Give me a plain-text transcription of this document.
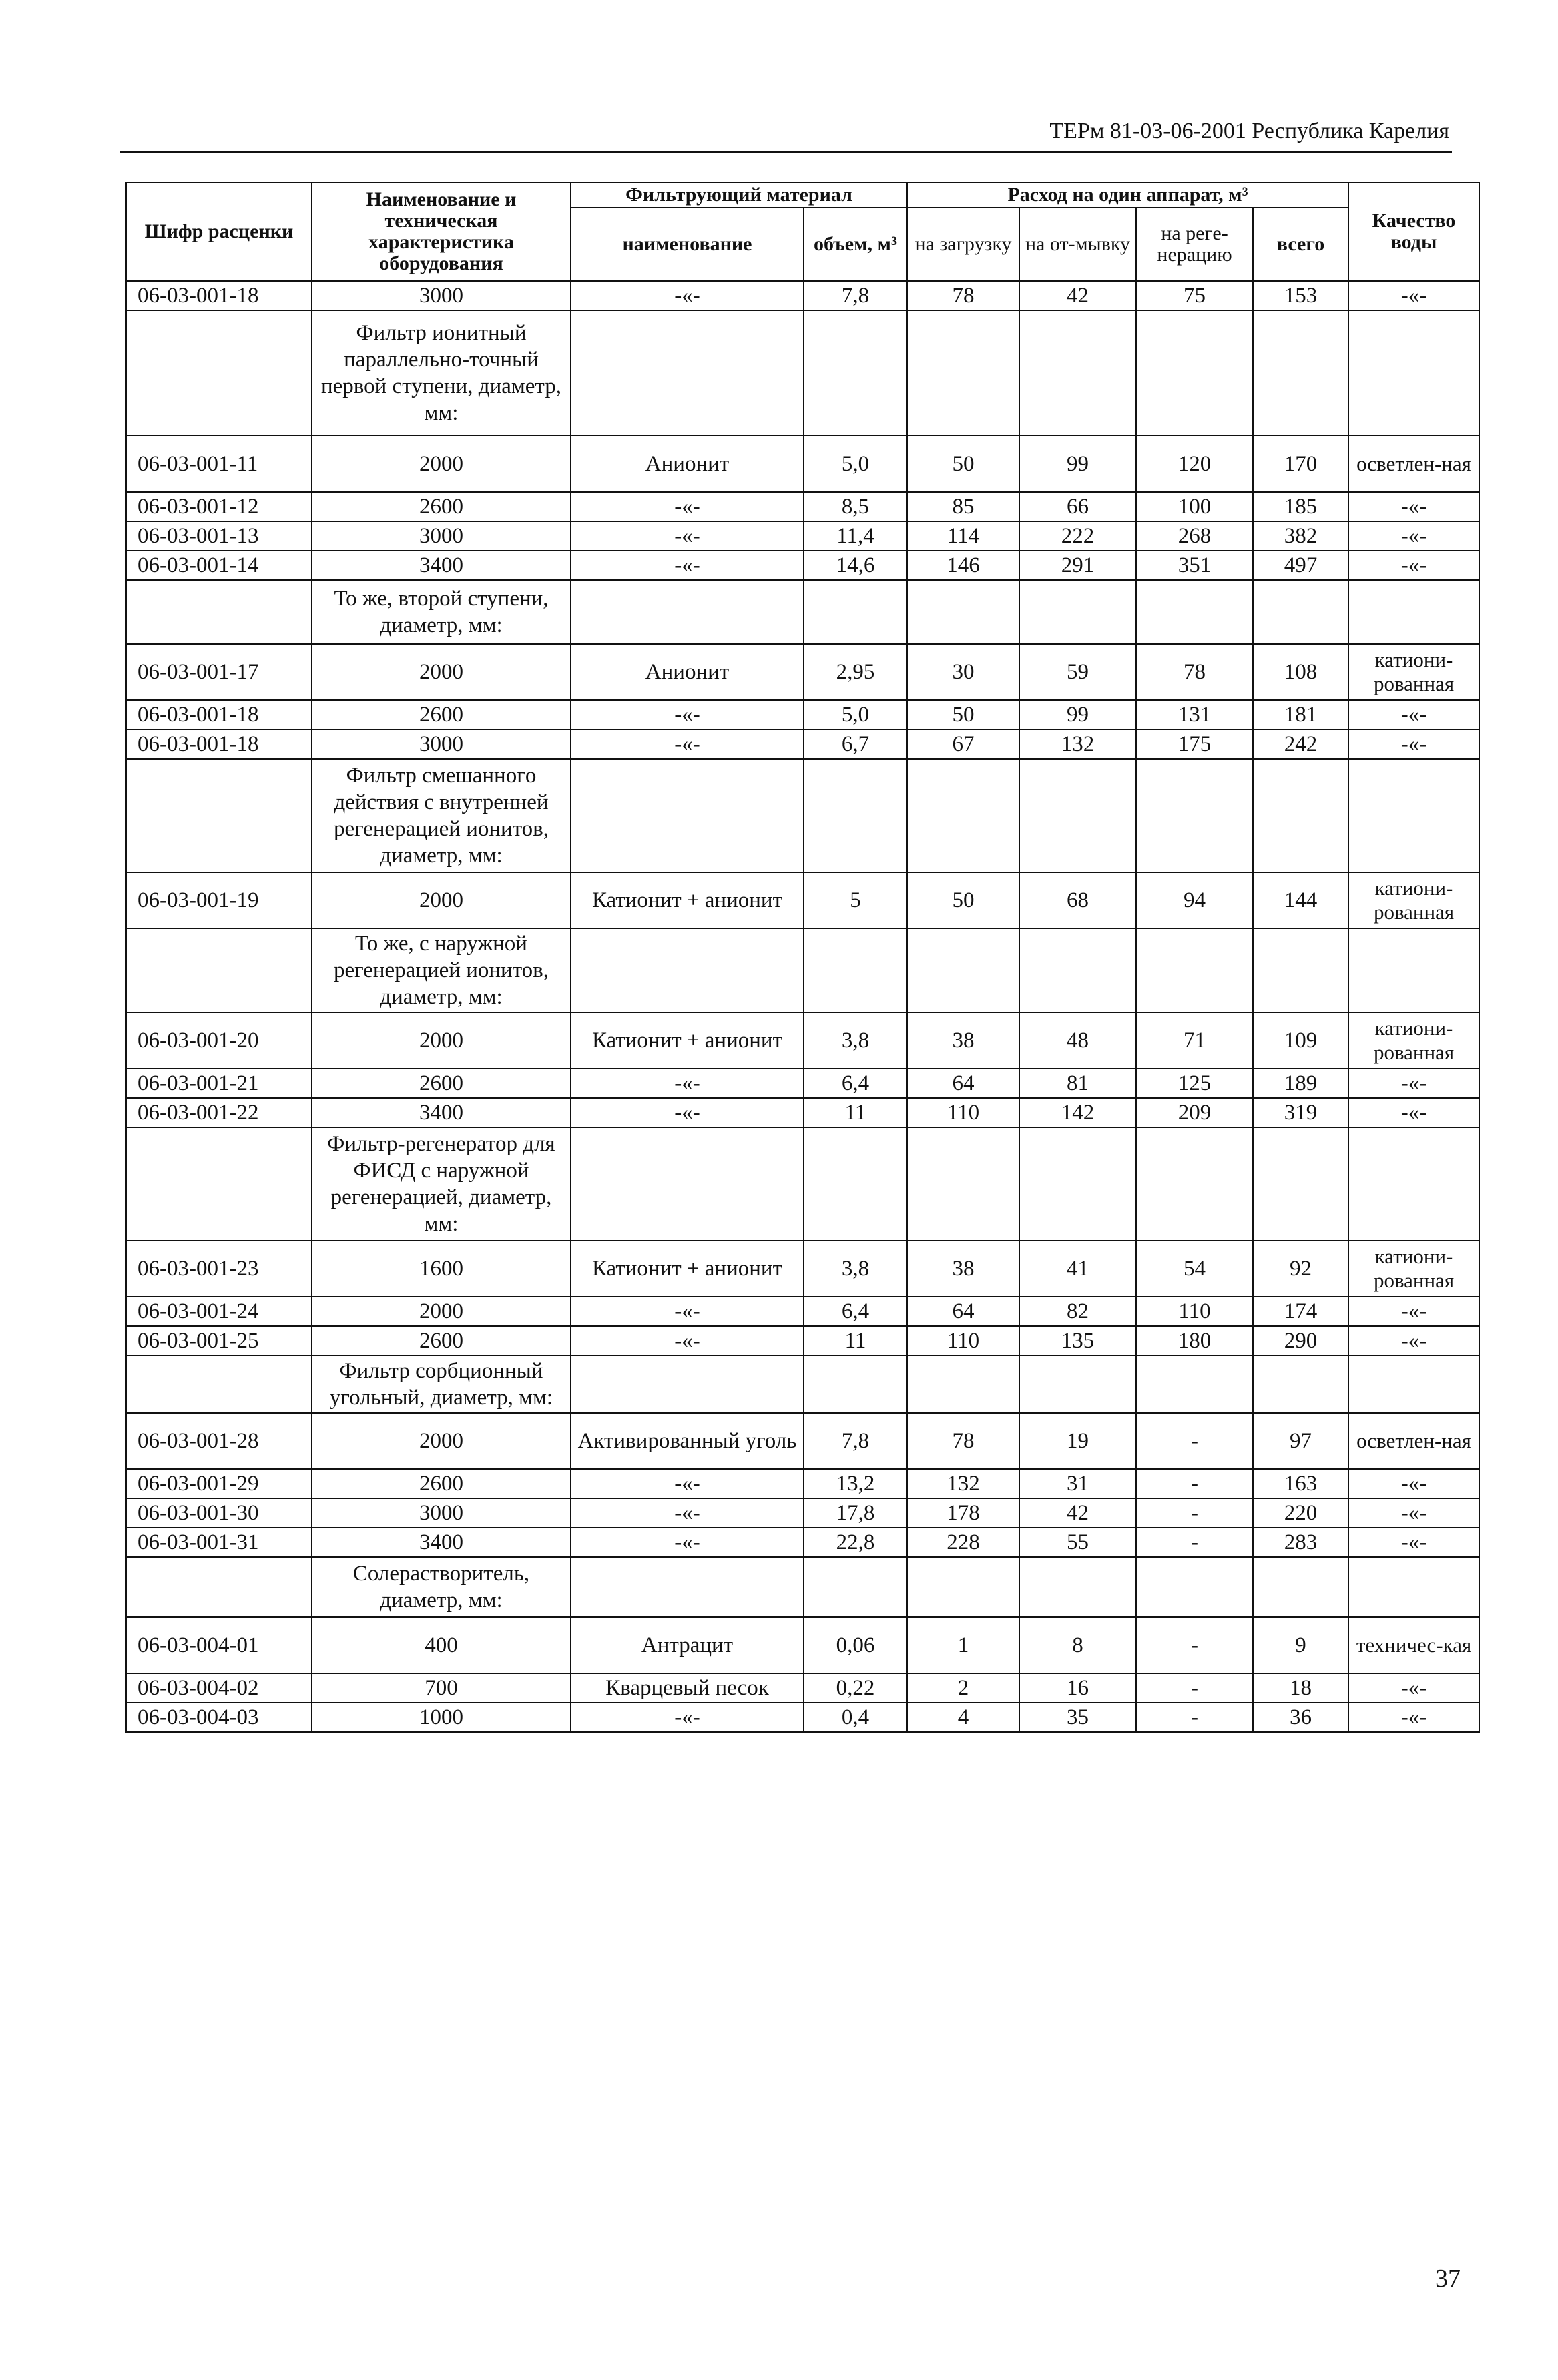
ТЕРм 81-03-06-2001 Республика Карелия
Шифр расценки	Наименование и техническая характеристика оборудования	Фильтрующий материал		Расход на один аппарат, м³				Качество воды
		наименование	объем, м³	на загрузку	на от-мывку	на реге-нерацию	всего	
06-03-001-18	3000	-«-	7,8	78	42	75	153	-«-
	Фильтр ионитный параллельно-точный первой ступени, диаметр, мм:							
06-03-001-11	2000	Анионит	5,0	50	99	120	170	осветлен-ная
06-03-001-12	2600	-«-	8,5	85	66	100	185	-«-
06-03-001-13	3000	-«-	11,4	114	222	268	382	-«-
06-03-001-14	3400	-«-	14,6	146	291	351	497	-«-
	То же, второй ступени, диаметр, мм:							
06-03-001-17	2000	Анионит	2,95	30	59	78	108	катиони-рованная
06-03-001-18	2600	-«-	5,0	50	99	131	181	-«-
06-03-001-18	3000	-«-	6,7	67	132	175	242	-«-
	Фильтр смешанного действия с внутренней регенерацией ионитов, диаметр, мм:							
06-03-001-19	2000	Катионит + анионит	5	50	68	94	144	катиони-рованная
	То же, с наружной регенерацией ионитов, диаметр, мм:							
06-03-001-20	2000	Катионит + анионит	3,8	38	48	71	109	катиони-рованная
06-03-001-21	2600	-«-	6,4	64	81	125	189	-«-
06-03-001-22	3400	-«-	11	110	142	209	319	-«-
	Фильтр-регенератор для ФИСД с наружной регенерацией, диаметр, мм:							
06-03-001-23	1600	Катионит + анионит	3,8	38	41	54	92	катиони-рованная
06-03-001-24	2000	-«-	6,4	64	82	110	174	-«-
06-03-001-25	2600	-«-	11	110	135	180	290	-«-
	Фильтр сорбционный угольный, диаметр, мм:							
06-03-001-28	2000	Активированный уголь	7,8	78	19	-	97	осветлен-ная
06-03-001-29	2600	-«-	13,2	132	31	-	163	-«-
06-03-001-30	3000	-«-	17,8	178	42	-	220	-«-
06-03-001-31	3400	-«-	22,8	228	55	-	283	-«-
	Солерастворитель, диаметр, мм:							
06-03-004-01	400	Антрацит	0,06	1	8	-	9	техничес-кая
06-03-004-02	700	Кварцевый песок	0,22	2	16	-	18	-«-
06-03-004-03	1000	-«-	0,4	4	35	-	36	-«-
37
